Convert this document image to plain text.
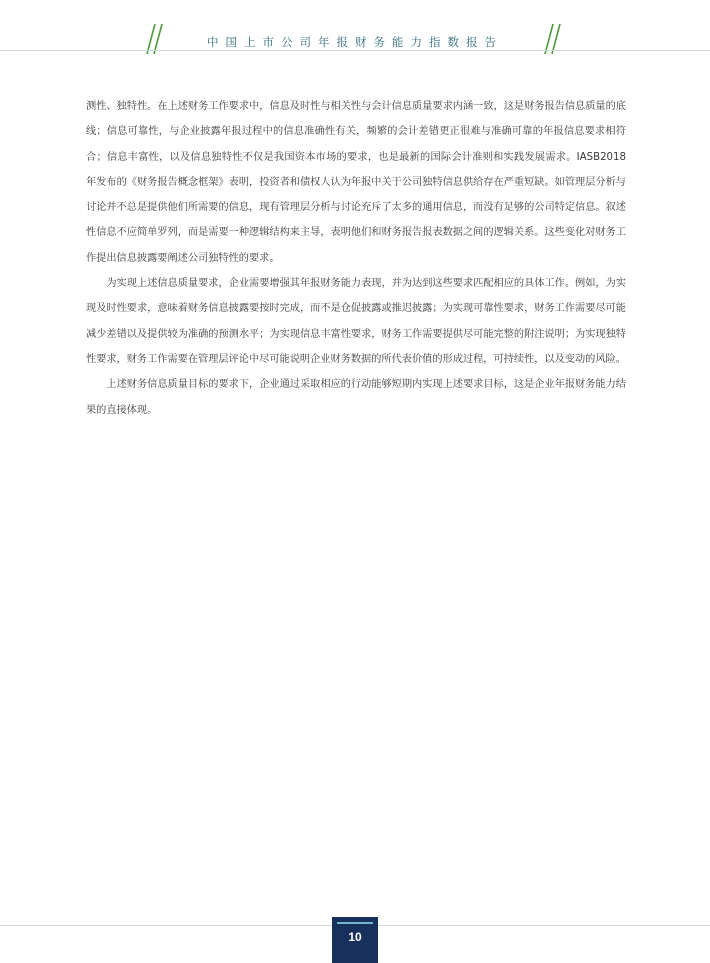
中国上市公司年报财务能力指数报告

测性、独特性。在上述财务工作要求中，信息及时性与相关性与会计信息质量要求内涵一致，这是财务报告信息质量的底线；信息可靠性，与企业披露年报过程中的信息准确性有关，频繁的会计差错更正很难与准确可靠的年报信息要求相符合；信息丰富性，以及信息独特性不仅是我国资本市场的要求，也是最新的国际会计准则和实践发展需求。IASB2018 年发布的《财务报告概念框架》表明，投资者和债权人认为年报中关于公司独特信息供给存在严重短缺。如管理层分析与讨论并不总是提供他们所需要的信息，现有管理层分析与讨论充斥了太多的通用信息，而没有足够的公司特定信息。叙述性信息不应简单罗列，而是需要一种逻辑结构来主导，表明他们和财务报告报表数据之间的逻辑关系。这些变化对财务工作提出信息披露要阐述公司独特性的要求。

为实现上述信息质量要求，企业需要增强其年报财务能力表现，并为达到这些要求匹配相应的具体工作。例如，为实现及时性要求，意味着财务信息披露要按时完成，而不是仓促披露或推迟披露；为实现可靠性要求，财务工作需要尽可能减少差错以及提供较为准确的预测水平；为实现信息丰富性要求，财务工作需要提供尽可能完整的附注说明；为实现独特性要求，财务工作需要在管理层评论中尽可能说明企业财务数据的所代表价值的形成过程，可持续性，以及变动的风险。

上述财务信息质量目标的要求下，企业通过采取相应的行动能够短期内实现上述要求目标，这是企业年报财务能力结果的直接体现。

10
